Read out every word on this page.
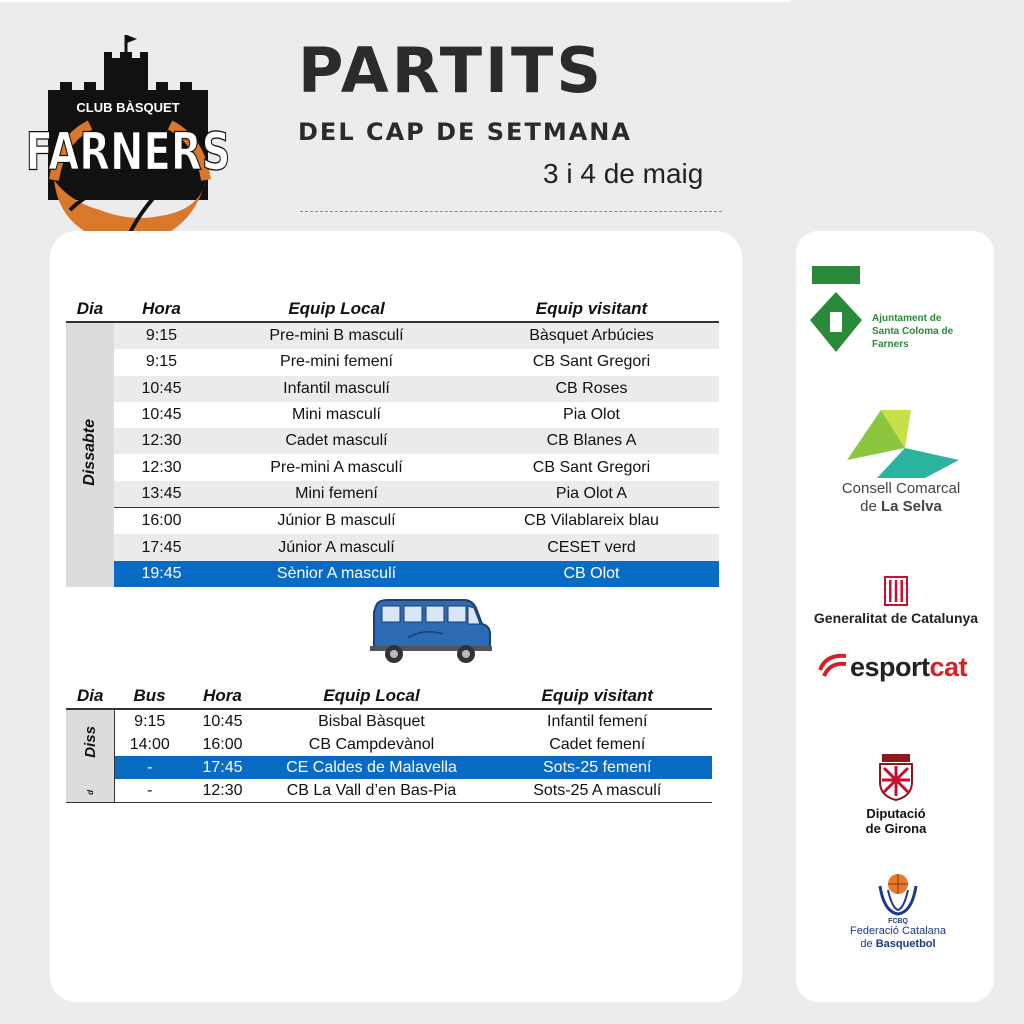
CLUB BÀSQUET
FARNERS
PARTITS
DEL CAP DE SETMANA
3 i 4 de maig
Dia	Hora	Equip Local	Equip visitant
Dissabte	9:15	Pre-mini B masculí	Bàsquet Arbúcies
	9:15	Pre-mini femení	CB Sant Gregori
	10:45	Infantil masculí	CB Roses
	10:45	Mini masculí	Pia Olot
	12:30	Cadet masculí	CB Blanes A
	12:30	Pre-mini A masculí	CB Sant Gregori
	13:45	Mini femení	Pia Olot A
	16:00	Júnior B masculí	CB Vilablareix blau
	17:45	Júnior A masculí	CESET verd
	19:45	Sènior A masculí	CB Olot
Dia	Bus	Hora	Equip Local	Equip visitant
Diss	9:15	10:45	Bisbal Bàsquet	Infantil femení
	14:00	16:00	CB Campdevànol	Cadet femení
	-	17:45	CE Caldes de Malavella	Sots-25 femení
d	-	12:30	CB La Vall d’en Bas-Pia	Sots-25 A masculí
Ajuntament de
Santa Coloma de Farners
Consell Comarcal
de La Selva
Generalitat de Catalunya
esportcat
Diputació
de Girona
FCBQ
Federació Catalana
de Basquetbol
